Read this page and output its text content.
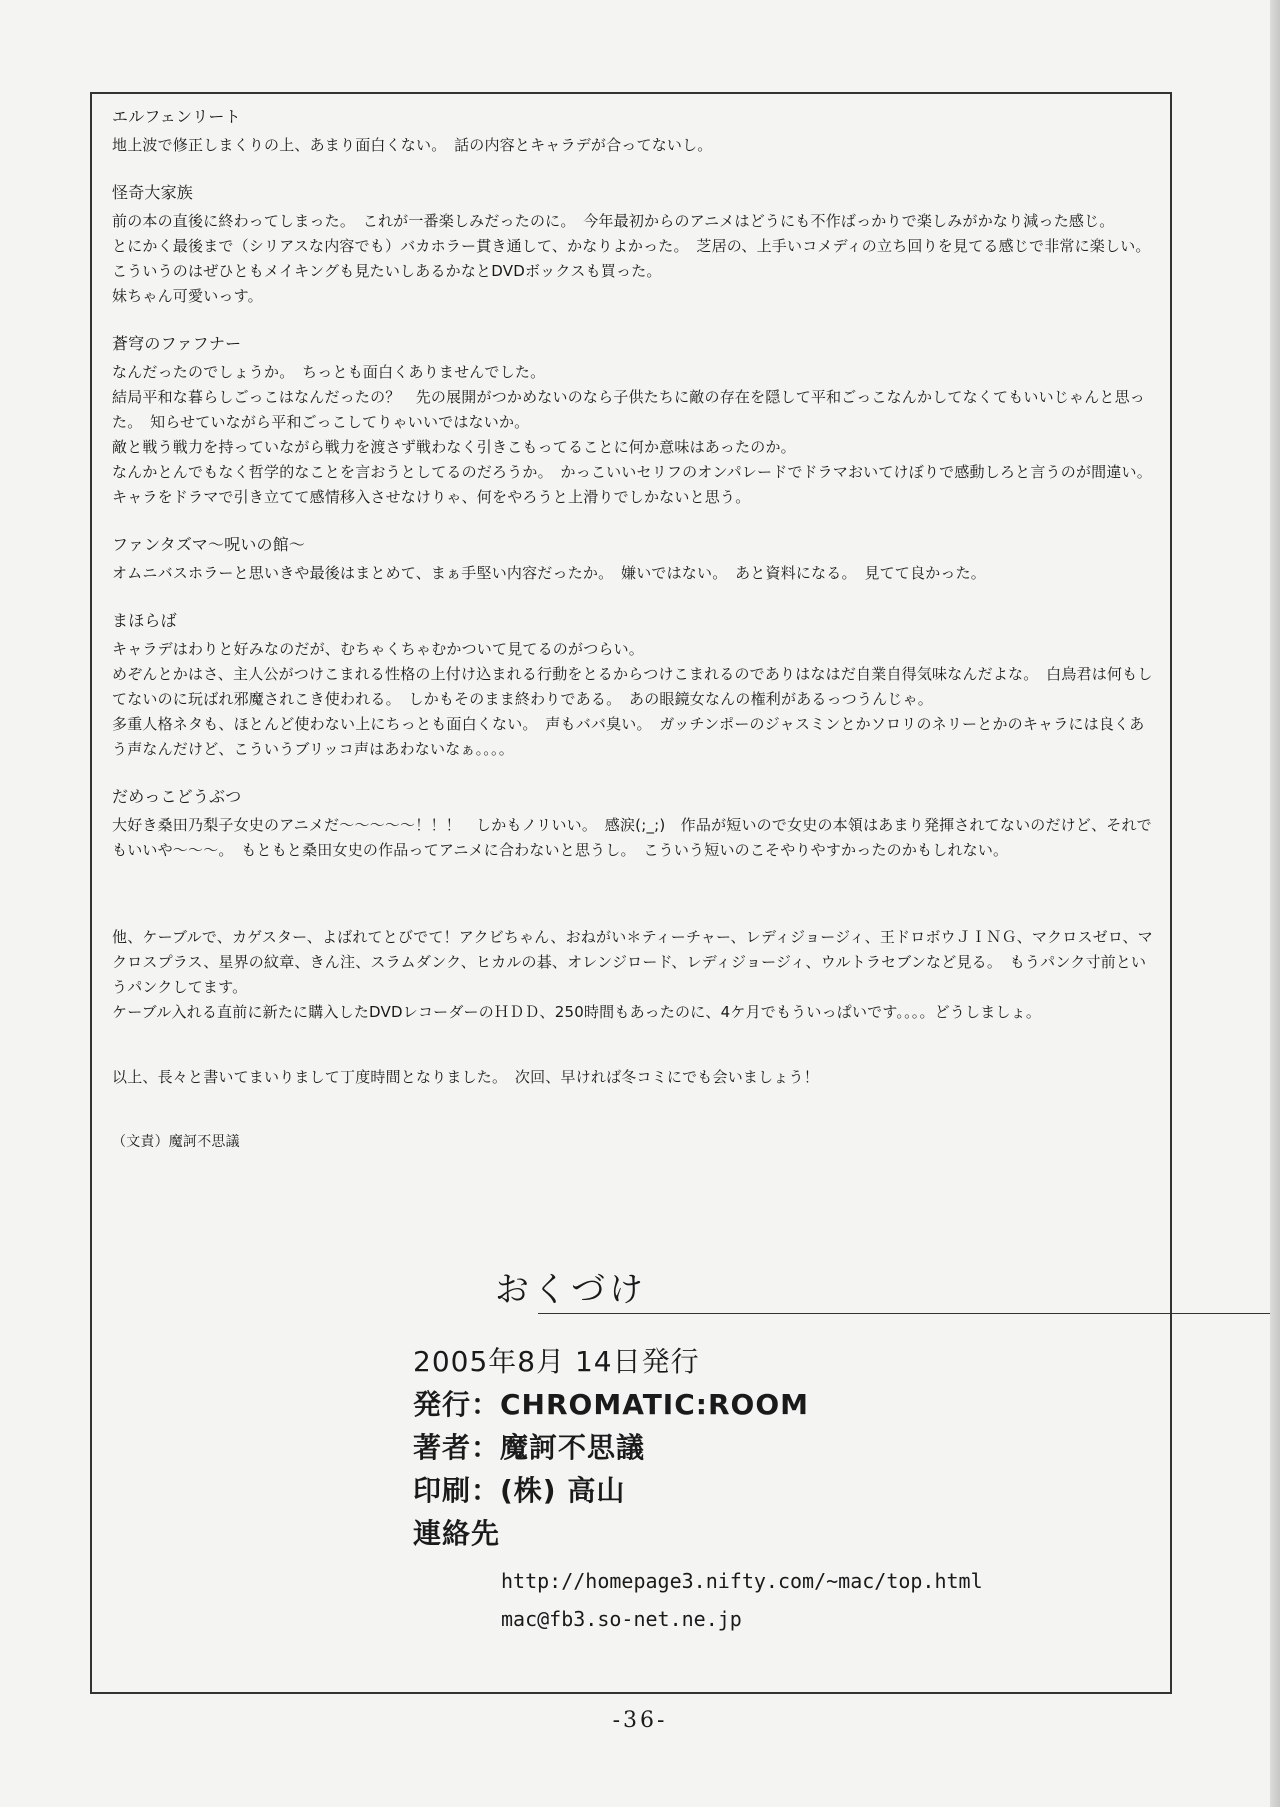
エルフェンリート

地上波で修正しまくりの上、あまり面白くない。　話の内容とキャラデが合ってないし。

怪奇大家族

前の本の直後に終わってしまった。　これが一番楽しみだったのに。　今年最初からのアニメはどうにも不作ばっかりで楽しみがかなり減った感じ。

とにかく最後まで（シリアスな内容でも）バカホラー貫き通して、かなりよかった。　芝居の、上手いコメディの立ち回りを見てる感じで非常に楽しい。　こういうのはぜひともメイキングも見たいしあるかなとDVDボックスも買った。

妹ちゃん可愛いっす。

蒼穹のファフナー

なんだったのでしょうか。　ちっとも面白くありませんでした。

結局平和な暮らしごっこはなんだったの？　先の展開がつかめないのなら子供たちに敵の存在を隠して平和ごっこなんかしてなくてもいいじゃんと思った。　知らせていながら平和ごっこしてりゃいいではないか。

敵と戦う戦力を持っていながら戦力を渡さず戦わなく引きこもってることに何か意味はあったのか。

なんかとんでもなく哲学的なことを言おうとしてるのだろうか。　かっこいいセリフのオンパレードでドラマおいてけぼりで感動しろと言うのが間違い。　キャラをドラマで引き立てて感情移入させなけりゃ、何をやろうと上滑りでしかないと思う。

ファンタズマ～呪いの館～

オムニバスホラーと思いきや最後はまとめて、まぁ手堅い内容だったか。　嫌いではない。　あと資料になる。　見てて良かった。

まほらば

キャラデはわりと好みなのだが、むちゃくちゃむかついて見てるのがつらい。

めぞんとかはさ、主人公がつけこまれる性格の上付け込まれる行動をとるからつけこまれるのでありはなはだ自業自得気味なんだよな。　白鳥君は何もしてないのに玩ばれ邪魔されこき使われる。　しかもそのまま終わりである。　あの眼鏡女なんの権利があるっつうんじゃ。

多重人格ネタも、ほとんど使わない上にちっとも面白くない。　声もババ臭い。　ガッチンポーのジャスミンとかソロリのネリーとかのキャラには良くあう声なんだけど、こういうブリッコ声はあわないなぁ。。。。

だめっこどうぶつ

大好き桑田乃梨子女史のアニメだ～～～～～！！！　しかもノリいい。　感涙(;_;)　作品が短いので女史の本領はあまり発揮されてないのだけど、それでもいいや～～～。　もともと桑田女史の作品ってアニメに合わないと思うし。　こういう短いのこそやりやすかったのかもしれない。

他、ケーブルで、カゲスター、よばれてとびでて！アクビちゃん、おねがい＊ティーチャー、レディジョージィ、王ドロボウＪＩＮＧ、マクロスゼロ、マクロスプラス、星界の紋章、きん注、スラムダンク、ヒカルの碁、オレンジロード、レディジョージィ、ウルトラセブンなど見る。　もうパンク寸前というパンクしてます。

ケーブル入れる直前に新たに購入したDVDレコーダーのＨＤＤ、250時間もあったのに、4ケ月でもういっぱいです。。。。どうしましょ。

以上、長々と書いてまいりまして丁度時間となりました。　次回、早ければ冬コミにでも会いましょう！

（文責）魔訶不思議

おくづけ
2005年8月 14日発行
発行：CHROMATIC:ROOM
著者：魔訶不思議
印刷：(株) 高山
連絡先
http://homepage3.nifty.com/~mac/top.html
mac@fb3.so-net.ne.jp
-36-
